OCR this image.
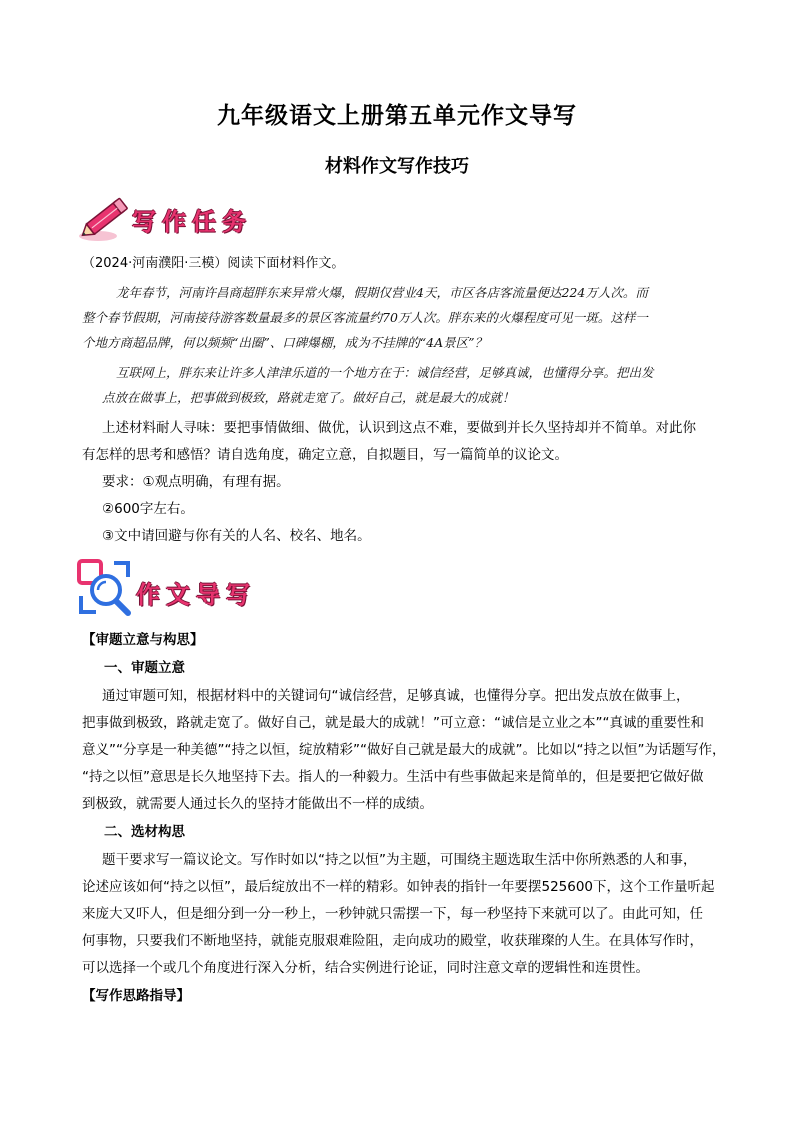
九年级语文上册第五单元作文导写
材料作文写作技巧
写作任务
（2024·河南濮阳·三模）阅读下面材料作文。
龙年春节，河南许昌商超胖东来异常火爆，假期仅营业4天，市区各店客流量便达224万人次。而
整个春节假期，河南接待游客数量最多的景区客流量约70万人次。胖东来的火爆程度可见一斑。这样一
个地方商超品牌，何以频频“出圈”、口碑爆棚，成为不挂牌的“4A景区”？
互联网上，胖东来让许多人津津乐道的一个地方在于：诚信经营，足够真诚，也懂得分享。把出发
点放在做事上，把事做到极致，路就走宽了。做好自己，就是最大的成就！
上述材料耐人寻味：要把事情做细、做优，认识到这点不难，要做到并长久坚持却并不简单。对此你
有怎样的思考和感悟？请自选角度，确定立意，自拟题目，写一篇简单的议论文。
要求：①观点明确，有理有据。
②600字左右。
③文中请回避与你有关的人名、校名、地名。
作文导写
【审题立意与构思】
一、审题立意
通过审题可知，根据材料中的关键词句“诚信经营，足够真诚，也懂得分享。把出发点放在做事上，
把事做到极致，路就走宽了。做好自己，就是最大的成就！”可立意：“诚信是立业之本”“真诚的重要性和
意义”“分享是一种美德”“持之以恒，绽放精彩”“做好自己就是最大的成就”。比如以“持之以恒”为话题写作，
“持之以恒”意思是长久地坚持下去。指人的一种毅力。生活中有些事做起来是简单的，但是要把它做好做
到极致，就需要人通过长久的坚持才能做出不一样的成绩。
二、选材构思
题干要求写一篇议论文。写作时如以“持之以恒”为主题，可围绕主题选取生活中你所熟悉的人和事，
论述应该如何“持之以恒”，最后绽放出不一样的精彩。如钟表的指针一年要摆525600下，这个工作量听起
来庞大又吓人，但是细分到一分一秒上，一秒钟就只需摆一下，每一秒坚持下来就可以了。由此可知，任
何事物，只要我们不断地坚持，就能克服艰难险阻，走向成功的殿堂，收获璀璨的人生。在具体写作时，
可以选择一个或几个角度进行深入分析，结合实例进行论证，同时注意文章的逻辑性和连贯性。
【写作思路指导】
